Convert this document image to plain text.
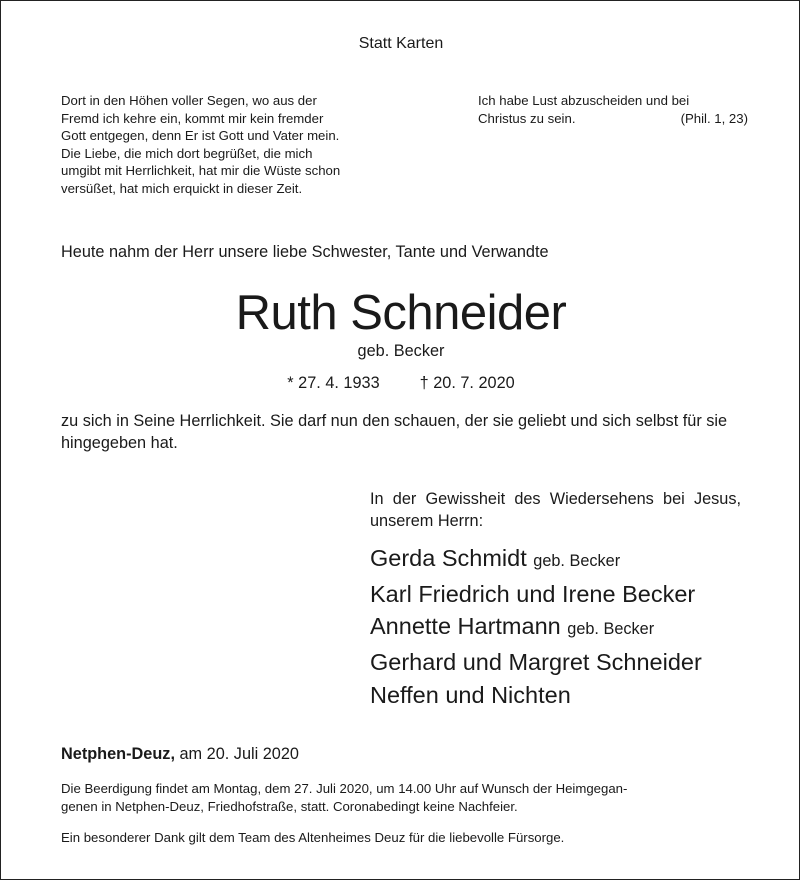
Statt Karten
Dort in den Höhen voller Segen, wo aus der
Fremd ich kehre ein, kommt mir kein fremder
Gott entgegen, denn Er ist Gott und Vater mein.
Die Liebe, die mich dort begrüßet, die mich
umgibt mit Herrlichkeit, hat mir die Wüste schon
versüßet, hat mich erquickt in dieser Zeit.
Ich habe Lust abzuscheiden und bei
Christus zu sein.	(Phil. 1, 23)
Heute nahm der Herr unsere liebe Schwester, Tante und Verwandte
Ruth Schneider
geb. Becker
* 27. 4. 1933 † 20. 7. 2020
zu sich in Seine Herrlichkeit. Sie darf nun den schauen, der sie geliebt und sich selbst für sie hingegeben hat.
In der Gewissheit des Wiedersehens bei Jesus, unserem Herrn:
Gerda Schmidt geb. Becker
Karl Friedrich und Irene Becker
Annette Hartmann geb. Becker
Gerhard und Margret Schneider
Neffen und Nichten
Netphen-Deuz, am 20. Juli 2020
Die Beerdigung findet am Montag, dem 27. Juli 2020, um 14.00 Uhr auf Wunsch der Heimgegan-
genen in Netphen-Deuz, Friedhofstraße, statt. Coronabedingt keine Nachfeier.
Ein besonderer Dank gilt dem Team des Altenheimes Deuz für die liebevolle Fürsorge.
